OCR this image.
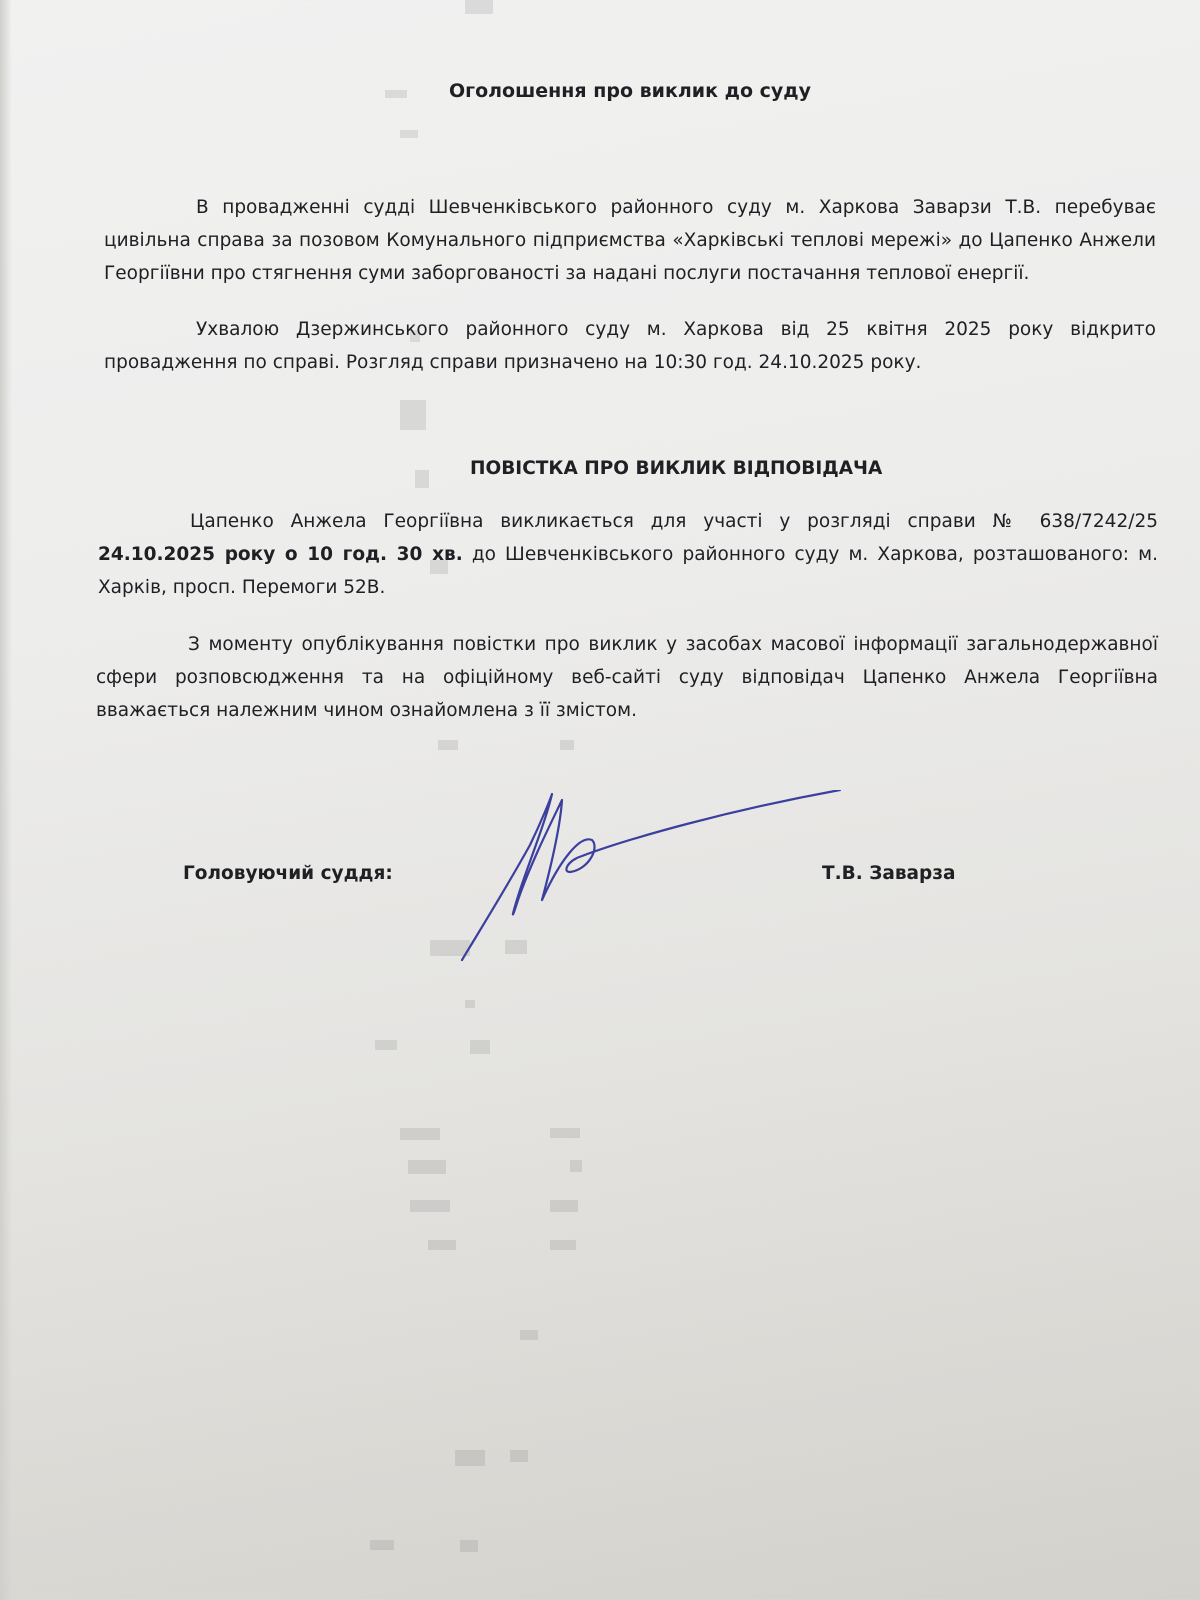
Оголошення про виклик до суду

В провадженні судді Шевченківського районного суду м. Харкова Заварзи Т.В. перебуває цивільна справа за позовом Комунального підприємства «Харківські теплові мережі» до Цапенко Анжели Георгіївни про стягнення суми заборгованості за надані послуги постачання теплової енергії.

Ухвалою Дзержинського районного суду м. Харкова від 25 квітня 2025 року відкрито провадження по справі. Розгляд справи призначено на 10:30 год. 24.10.2025 року.

ПОВІСТКА ПРО ВИКЛИК ВІДПОВІДАЧА

Цапенко Анжела Георгіївна викликається для участі у розгляді справи № 638/7242/25 24.10.2025 року о 10 год. 30 хв. до Шевченківського районного суду м. Харкова, розташованого: м. Харків, просп. Перемоги 52В.

З моменту опублікування повістки про виклик у засобах масової інформації загальнодержавної сфери розповсюдження та на офіційному веб-сайті суду відповідач Цапенко Анжела Георгіївна вважається належним чином ознайомлена з її змістом.

Головуючий суддя:	Т.В. Заварза
